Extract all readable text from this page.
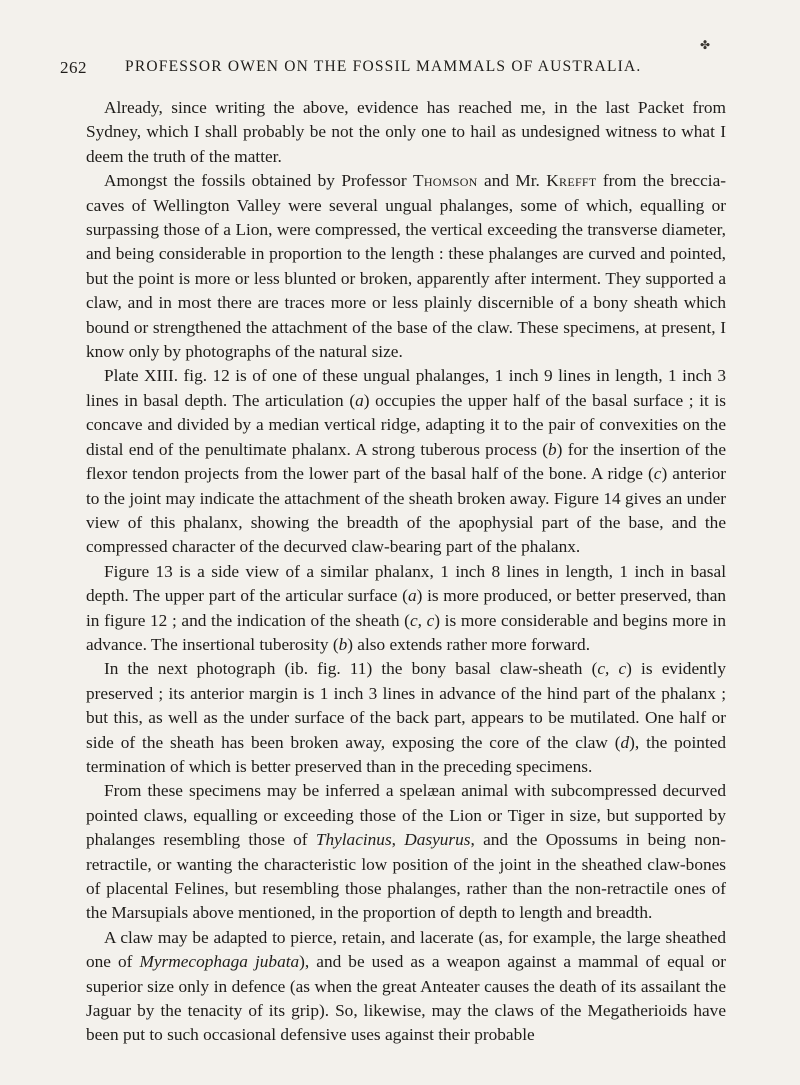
262 PROFESSOR OWEN ON THE FOSSIL MAMMALS OF AUSTRALIA.
✤

Already, since writing the above, evidence has reached me, in the last Packet from Sydney, which I shall probably be not the only one to hail as undesigned witness to what I deem the truth of the matter.

Amongst the fossils obtained by Professor Thomson and Mr. Krefft from the breccia-caves of Wellington Valley were several ungual phalanges, some of which, equalling or surpassing those of a Lion, were compressed, the vertical exceeding the transverse diameter, and being considerable in proportion to the length : these phalanges are curved and pointed, but the point is more or less blunted or broken, apparently after interment. They supported a claw, and in most there are traces more or less plainly discernible of a bony sheath which bound or strengthened the attachment of the base of the claw. These specimens, at present, I know only by photographs of the natural size.

Plate XIII. fig. 12 is of one of these ungual phalanges, 1 inch 9 lines in length, 1 inch 3 lines in basal depth. The articulation (a) occupies the upper half of the basal surface ; it is concave and divided by a median vertical ridge, adapting it to the pair of convexities on the distal end of the penultimate phalanx. A strong tuberous process (b) for the insertion of the flexor tendon projects from the lower part of the basal half of the bone. A ridge (c) anterior to the joint may indicate the attachment of the sheath broken away. Figure 14 gives an under view of this phalanx, showing the breadth of the apophysial part of the base, and the compressed character of the decurved claw-bearing part of the phalanx.

Figure 13 is a side view of a similar phalanx, 1 inch 8 lines in length, 1 inch in basal depth. The upper part of the articular surface (a) is more produced, or better preserved, than in figure 12 ; and the indication of the sheath (c, c) is more considerable and begins more in advance. The insertional tuberosity (b) also extends rather more forward.

In the next photograph (ib. fig. 11) the bony basal claw-sheath (c, c) is evidently preserved ; its anterior margin is 1 inch 3 lines in advance of the hind part of the phalanx ; but this, as well as the under surface of the back part, appears to be mutilated. One half or side of the sheath has been broken away, exposing the core of the claw (d), the pointed termination of which is better preserved than in the preceding specimens.

From these specimens may be inferred a spelæan animal with subcompressed decurved pointed claws, equalling or exceeding those of the Lion or Tiger in size, but supported by phalanges resembling those of Thylacinus, Dasyurus, and the Opossums in being non-retractile, or wanting the characteristic low position of the joint in the sheathed claw-bones of placental Felines, but resembling those phalanges, rather than the non-retractile ones of the Marsupials above mentioned, in the proportion of depth to length and breadth.

A claw may be adapted to pierce, retain, and lacerate (as, for example, the large sheathed one of Myrmecophaga jubata), and be used as a weapon against a mammal of equal or superior size only in defence (as when the great Anteater causes the death of its assailant the Jaguar by the tenacity of its grip). So, likewise, may the claws of the Megatherioids have been put to such occasional defensive uses against their probable
